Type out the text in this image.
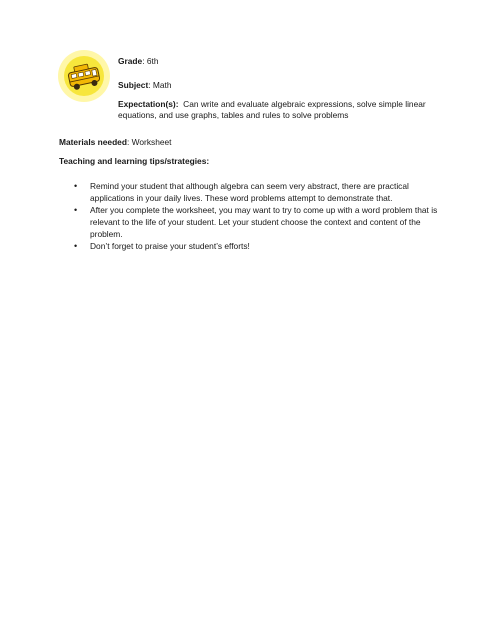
Grade: 6th
Subject: Math
Expectation(s):  Can write and evaluate algebraic expressions, solve simple linear
equations, and use graphs, tables and rules to solve problems
Materials needed: Worksheet
Teaching and learning tips/strategies:
• Remind your student that although algebra can seem very abstract, there are practical applications in your daily lives. These word problems attempt to demonstrate that.
• After you complete the worksheet, you may want to try to come up with a word problem that is relevant to the life of your student. Let your student choose the context and content of the problem.
• Don’t forget to praise your student’s efforts!
